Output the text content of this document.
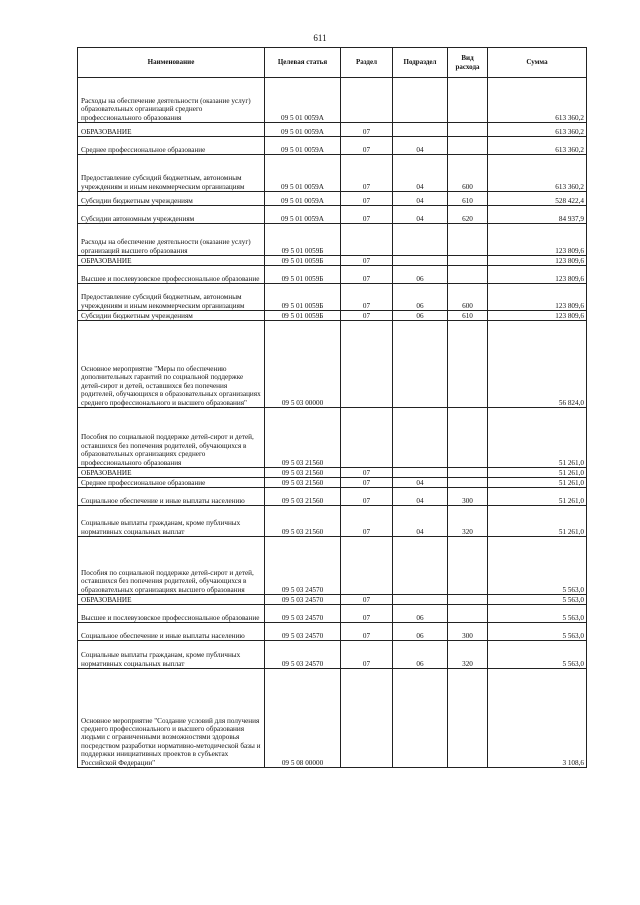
611
Наименование	Целевая статья	Раздел	Подраздел	Вид расхода	Сумма
Расходы на обеспечение деятельности (оказание услуг) образовательных организаций среднего профессионального образования	09 5 01 0059А				613 360,2
ОБРАЗОВАНИЕ	09 5 01 0059А	07			613 360,2
Среднее профессиональное образование	09 5 01 0059А	07	04		613 360,2
Предоставление субсидий бюджетным, автономным учреждениям и иным некоммерческим организациям	09 5 01 0059А	07	04	600	613 360,2
Субсидии бюджетным учреждениям	09 5 01 0059А	07	04	610	528 422,4
Субсидии автономным учреждениям	09 5 01 0059А	07	04	620	84 937,9
Расходы на обеспечение деятельности (оказание услуг) организаций высшего образования	09 5 01 0059Б				123 809,6
ОБРАЗОВАНИЕ	09 5 01 0059Б	07			123 809,6
Высшее и послевузовское профессиональное образование	09 5 01 0059Б	07	06		123 809,6
Предоставление субсидий бюджетным, автономным учреждениям и иным некоммерческим организациям	09 5 01 0059Б	07	06	600	123 809,6
Субсидии бюджетным учреждениям	09 5 01 0059Б	07	06	610	123 809,6
Основное мероприятие "Меры по обеспечению дополнительных гарантий по социальной поддержке детей-сирот и детей, оставшихся без попечения родителей, обучающихся в образовательных организациях среднего профессионального и высшего образования"	09 5 03 00000				56 824,0
Пособия по социальной поддержке детей-сирот и детей, оставшихся без попечения родителей, обучающихся в образовательных организациях среднего профессионального образования	09 5 03 21560				51 261,0
ОБРАЗОВАНИЕ	09 5 03 21560	07			51 261,0
Среднее профессиональное образование	09 5 03 21560	07	04		51 261,0
Социальное обеспечение и иные выплаты населению	09 5 03 21560	07	04	300	51 261,0
Социальные выплаты гражданам, кроме публичных нормативных социальных выплат	09 5 03 21560	07	04	320	51 261,0
Пособия по социальной поддержке детей-сирот и детей, оставшихся без попечения родителей, обучающихся в образовательных организациях высшего образования	09 5 03 24570				5 563,0
ОБРАЗОВАНИЕ	09 5 03 24570	07			5 563,0
Высшее и послевузовское профессиональное образование	09 5 03 24570	07	06		5 563,0
Социальное обеспечение и иные выплаты населению	09 5 03 24570	07	06	300	5 563,0
Социальные выплаты гражданам, кроме публичных нормативных социальных выплат	09 5 03 24570	07	06	320	5 563,0
Основное мероприятие "Создание условий для получения среднего профессионального и высшего образования людьми с ограниченными возможностями здоровья посредством разработки нормативно-методической базы и поддержки инициативных проектов в субъектах Российской Федерации"	09 5 08 00000				3 108,6
